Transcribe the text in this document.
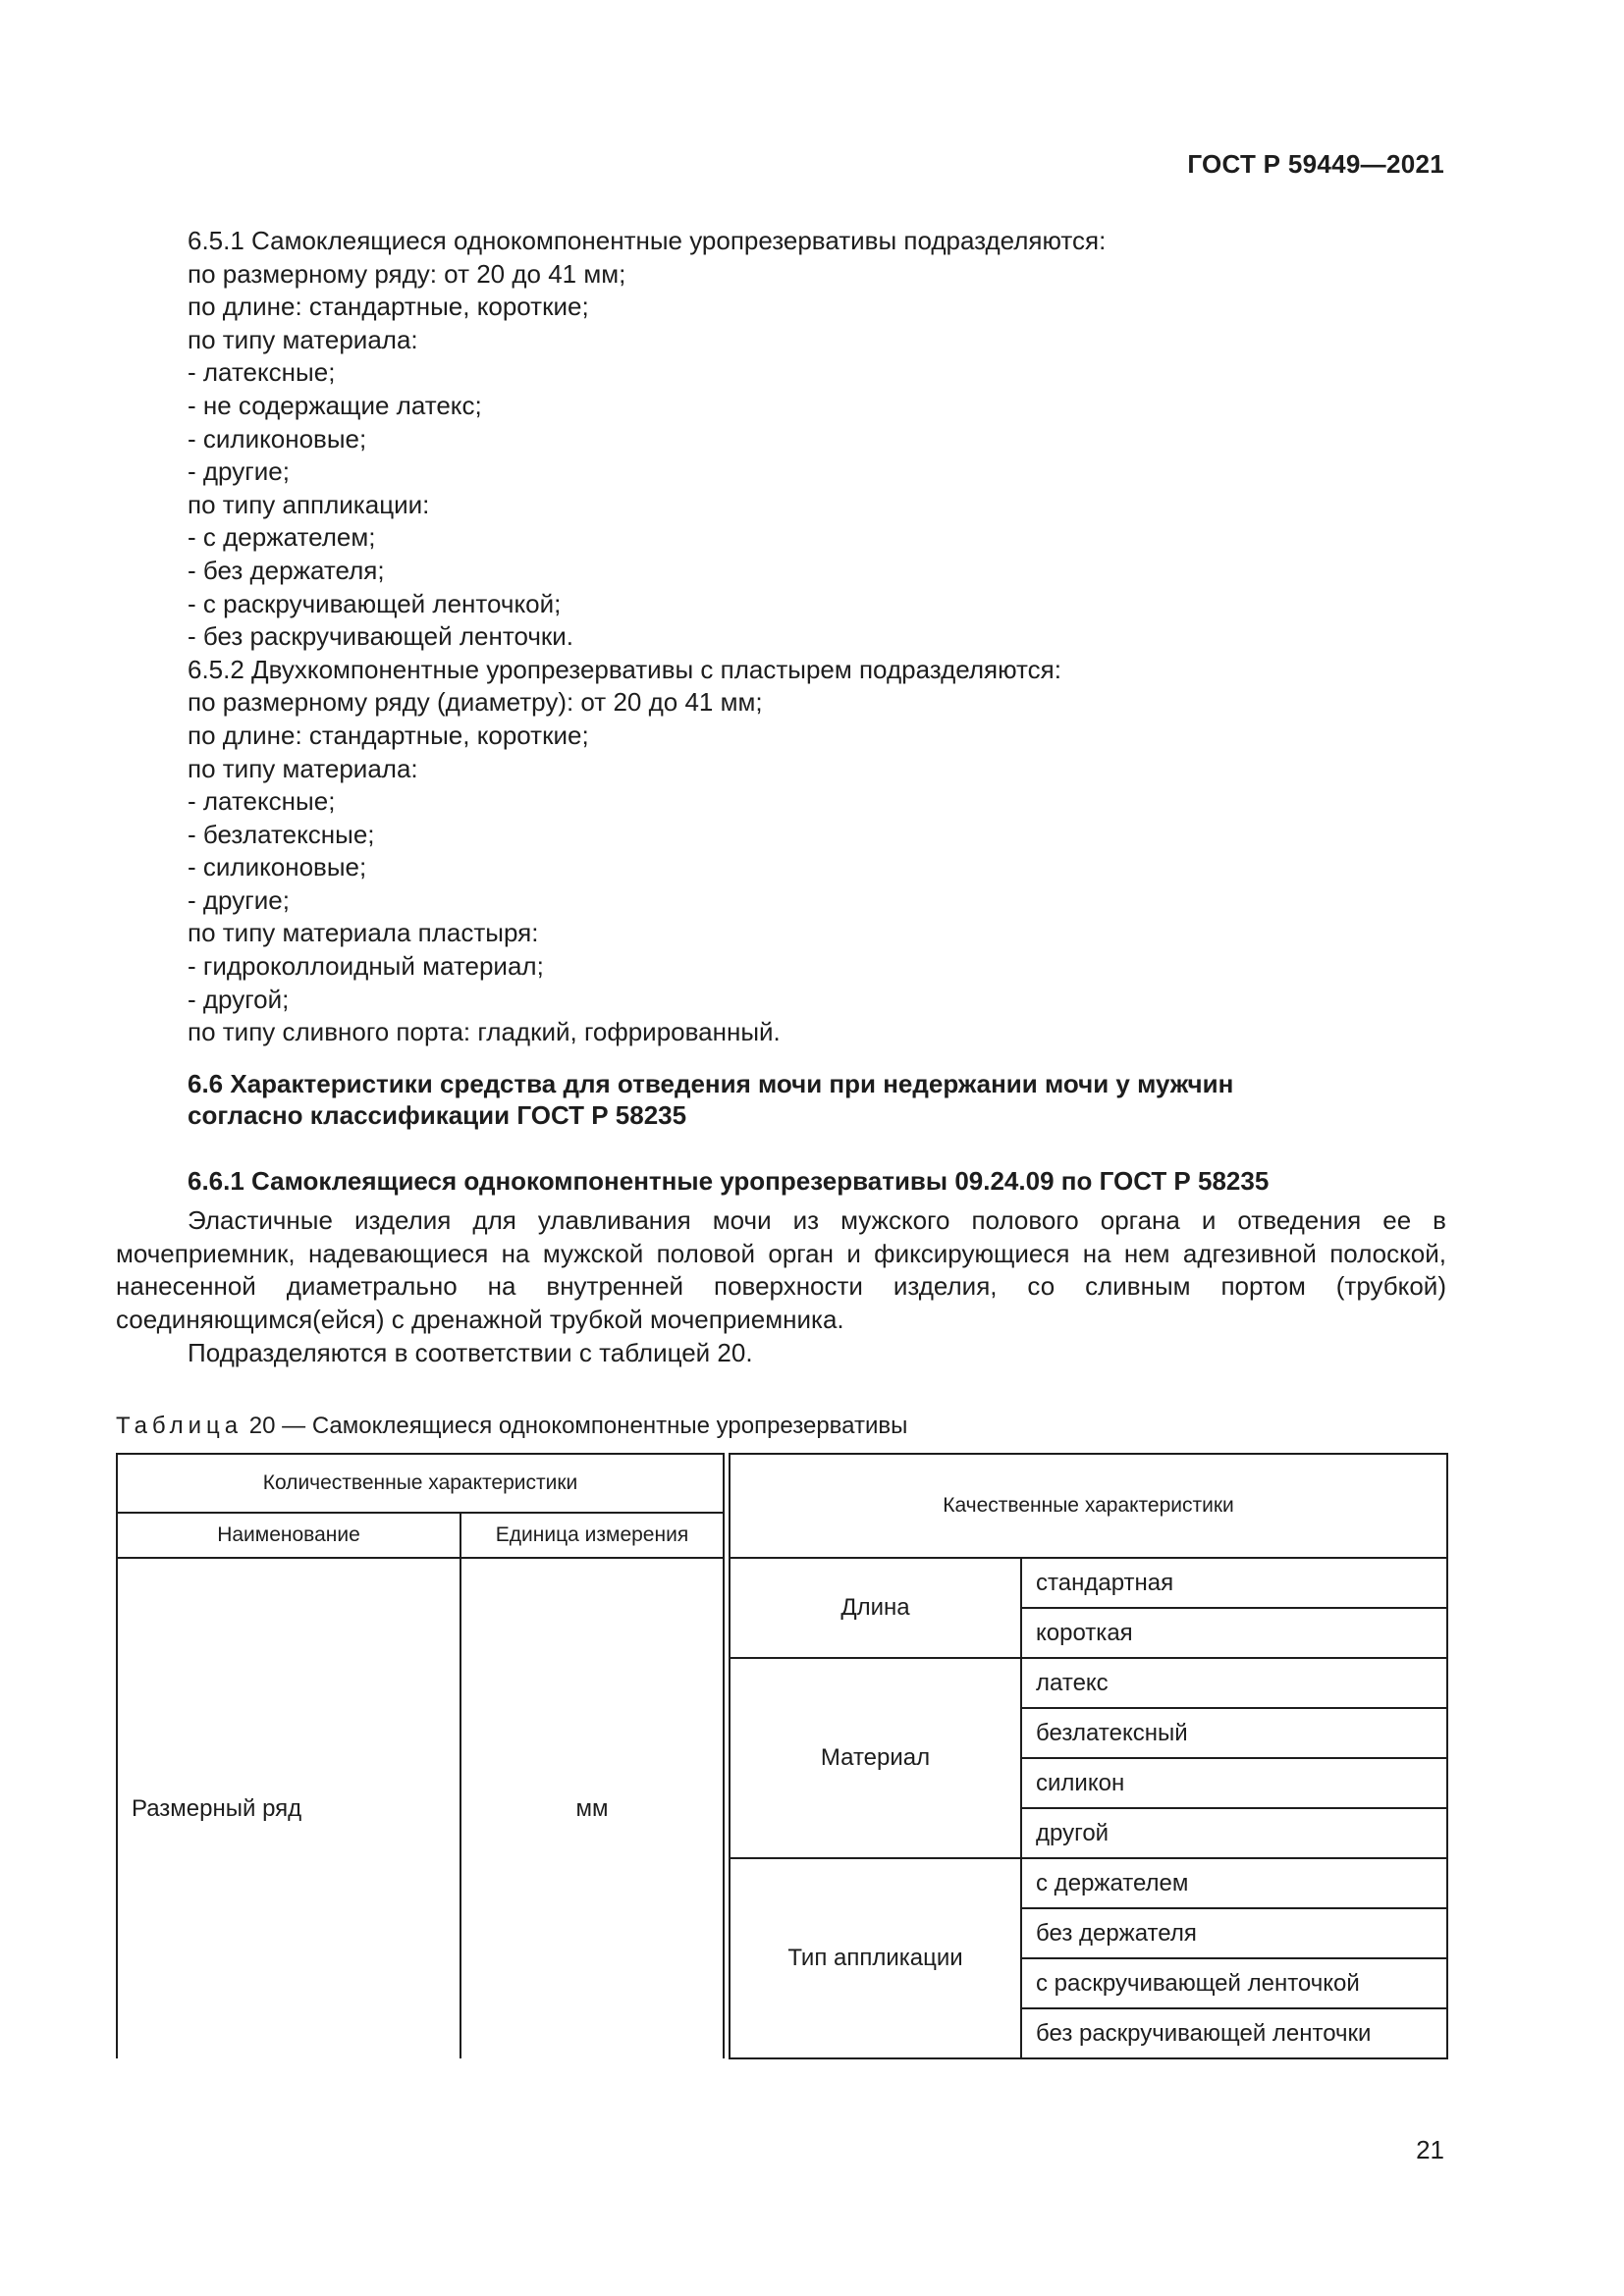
ГОСТ Р 59449—2021

6.5.1 Самоклеящиеся однокомпонентные уропрезервативы подразделяются:

по размерному ряду: от 20 до 41 мм;

по длине: стандартные, короткие;

по типу материала:

- латексные;

- не содержащие латекс;

- силиконовые;

- другие;

по типу аппликации:

- с держателем;

- без держателя;

- с раскручивающей ленточкой;

- без раскручивающей ленточки.

6.5.2 Двухкомпонентные уропрезервативы с пластырем подразделяются:

по размерному ряду (диаметру): от 20 до 41 мм;

по длине: стандартные, короткие;

по типу материала:

- латексные;

- безлатексные;

- силиконовые;

- другие;

по типу материала пластыря:

- гидроколлоидный материал;

- другой;

по типу сливного порта: гладкий, гофрированный.

6.6 Характеристики средства для отведения мочи при недержании мочи у мужчин
согласно классификации ГОСТ Р 58235
6.6.1 Самоклеящиеся однокомпонентные уропрезервативы 09.24.09 по ГОСТ Р 58235

Эластичные изделия для улавливания мочи из мужского полового органа и отведения ее в мочеприемник, надевающиеся на мужской половой орган и фиксирующиеся на нем адгезивной полоской, нанесенной диаметрально на внутренней поверхности изделия, со сливным портом (трубкой) соединяющимся(ейся) с дренажной трубкой мочеприемника.

Подразделяются в соответствии с таблицей 20.

Таблица 20 — Самоклеящиеся однокомпонентные уропрезервативы
Количественные характеристики			Качественные характеристики	
Наименование	Единица измерения			
Размерный ряд	мм		Длина	стандартная
				короткая
			Материал	латекс
				безлатексный
				силикон
				другой
			Тип аппликации	с держателем
				без держателя
				с раскручивающей ленточкой
				без раскручивающей ленточки
21
